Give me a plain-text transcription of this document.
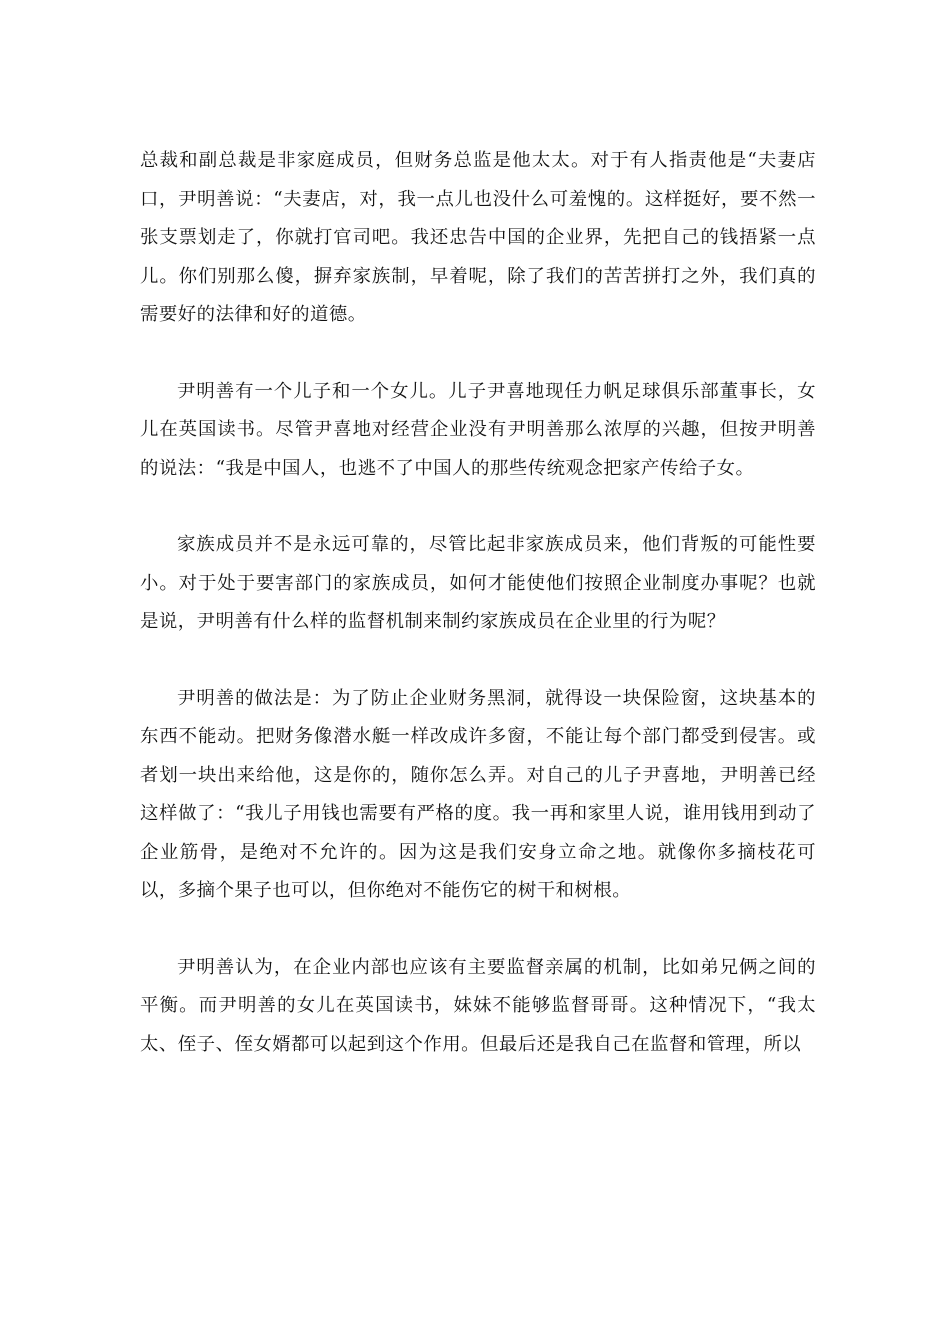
总裁和副总裁是非家庭成员，但财务总监是他太太。对于有人指责他是“夫妻店口，尹明善说：“夫妻店，对，我一点儿也没什么可羞愧的。这样挺好，要不然一张支票划走了，你就打官司吧。我还忠告中国的企业界，先把自己的钱捂紧一点儿。你们别那么傻，摒弃家族制，早着呢，除了我们的苦苦拼打之外，我们真的需要好的法律和好的道德。

尹明善有一个儿子和一个女儿。儿子尹喜地现任力帆足球俱乐部董事长，女儿在英国读书。尽管尹喜地对经营企业没有尹明善那么浓厚的兴趣，但按尹明善的说法：“我是中国人，也逃不了中国人的那些传统观念把家产传给子女。

家族成员并不是永远可靠的，尽管比起非家族成员来，他们背叛的可能性要小。对于处于要害部门的家族成员，如何才能使他们按照企业制度办事呢？也就是说，尹明善有什么样的监督机制来制约家族成员在企业里的行为呢？

尹明善的做法是：为了防止企业财务黑洞，就得设一块保险窗，这块基本的东西不能动。把财务像潜水艇一样改成许多窗，不能让每个部门都受到侵害。或者划一块出来给他，这是你的，随你怎么弄。对自己的儿子尹喜地，尹明善已经这样做了：“我儿子用钱也需要有严格的度。我一再和家里人说，谁用钱用到动了企业筋骨，是绝对不允许的。因为这是我们安身立命之地。就像你多摘枝花可以，多摘个果子也可以，但你绝对不能伤它的树干和树根。

尹明善认为，在企业内部也应该有主要监督亲属的机制，比如弟兄俩之间的平衡。而尹明善的女儿在英国读书，妹妹不能够监督哥哥。这种情况下，“我太太、侄子、侄女婿都可以起到这个作用。但最后还是我自己在监督和管理，所以
